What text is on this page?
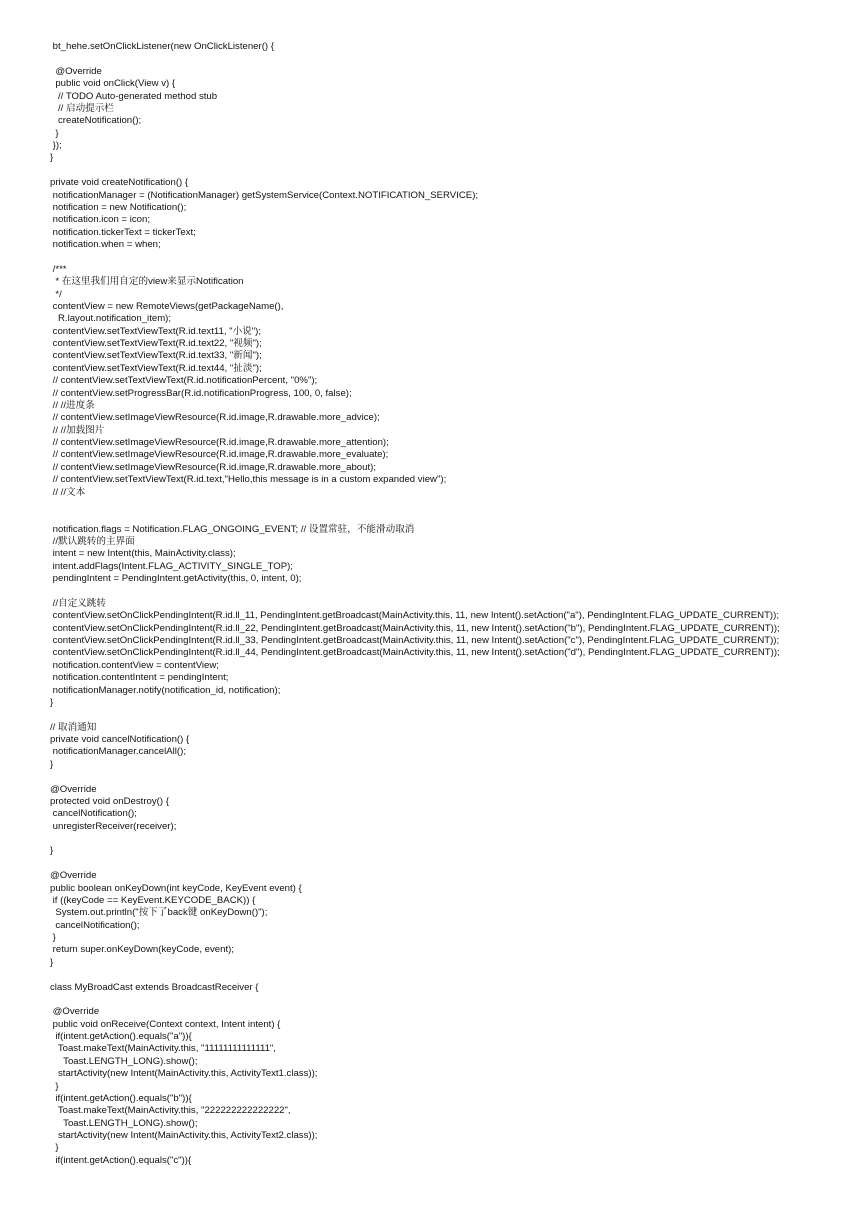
bt_hehe.setOnClickListener(new OnClickListener() {
@Override
public void onClick(View v) {
// TODO Auto-generated method stub
// 启动提示栏
createNotification();
}
});
}
private void createNotification() {
notificationManager = (NotificationManager) getSystemService(Context.NOTIFICATION_SERVICE);
notification = new Notification();
notification.icon = icon;
notification.tickerText = tickerText;
notification.when = when;
/***
* 在这里我们用自定的view来显示Notification
*/
contentView = new RemoteViews(getPackageName(),
R.layout.notification_item);
contentView.setTextViewText(R.id.text11, "小说");
contentView.setTextViewText(R.id.text22, "视频");
contentView.setTextViewText(R.id.text33, "新闻");
contentView.setTextViewText(R.id.text44, "扯淡");
// contentView.setTextViewText(R.id.notificationPercent, "0%");
// contentView.setProgressBar(R.id.notificationProgress, 100, 0, false);
// //进度条
// contentView.setImageViewResource(R.id.image,R.drawable.more_advice);
// //加载图片
// contentView.setImageViewResource(R.id.image,R.drawable.more_attention);
// contentView.setImageViewResource(R.id.image,R.drawable.more_evaluate);
// contentView.setImageViewResource(R.id.image,R.drawable.more_about);
// contentView.setTextViewText(R.id.text,"Hello,this message is in a custom expanded view");
// //文本
notification.flags = Notification.FLAG_ONGOING_EVENT; // 设置常驻，不能滑动取消
//默认跳转的主界面
intent = new Intent(this, MainActivity.class);
intent.addFlags(Intent.FLAG_ACTIVITY_SINGLE_TOP);
pendingIntent = PendingIntent.getActivity(this, 0, intent, 0);
//自定义跳转
contentView.setOnClickPendingIntent(R.id.ll_11, PendingIntent.getBroadcast(MainActivity.this, 11, new Intent().setAction("a"), PendingIntent.FLAG_UPDATE_CURRENT));
contentView.setOnClickPendingIntent(R.id.ll_22, PendingIntent.getBroadcast(MainActivity.this, 11, new Intent().setAction("b"), PendingIntent.FLAG_UPDATE_CURRENT));
contentView.setOnClickPendingIntent(R.id.ll_33, PendingIntent.getBroadcast(MainActivity.this, 11, new Intent().setAction("c"), PendingIntent.FLAG_UPDATE_CURRENT));
contentView.setOnClickPendingIntent(R.id.ll_44, PendingIntent.getBroadcast(MainActivity.this, 11, new Intent().setAction("d"), PendingIntent.FLAG_UPDATE_CURRENT));
notification.contentView = contentView;
notification.contentIntent = pendingIntent;
notificationManager.notify(notification_id, notification);
}
// 取消通知
private void cancelNotification() {
notificationManager.cancelAll();
}
@Override
protected void onDestroy() {
cancelNotification();
unregisterReceiver(receiver);
}
@Override
public boolean onKeyDown(int keyCode, KeyEvent event) {
if ((keyCode == KeyEvent.KEYCODE_BACK)) {
System.out.println("按下了back键 onKeyDown()");
cancelNotification();
}
return super.onKeyDown(keyCode, event);
}
class MyBroadCast extends BroadcastReceiver {
@Override
public void onReceive(Context context, Intent intent) {
if(intent.getAction().equals("a")){
Toast.makeText(MainActivity.this, "11111111111111",
Toast.LENGTH_LONG).show();
startActivity(new Intent(MainActivity.this, ActivityText1.class));
}
if(intent.getAction().equals("b")){
Toast.makeText(MainActivity.this, "222222222222222",
Toast.LENGTH_LONG).show();
startActivity(new Intent(MainActivity.this, ActivityText2.class));
}
if(intent.getAction().equals("c")){
